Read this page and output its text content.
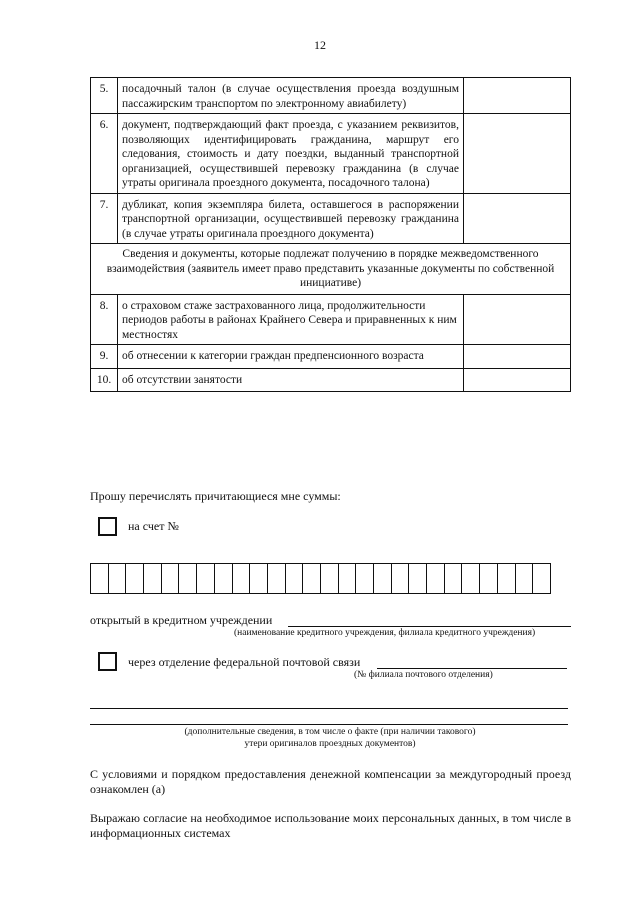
12
5.	посадочный талон (в случае осуществления проезда воздушным пассажирским транспортом по электронному авиабилету)	
6.	документ, подтверждающий факт проезда, с указанием реквизитов, позволяющих идентифицировать гражданина, маршрут его следования, стоимость и дату поездки, выданный транспортной организацией, осуществившей перевозку гражданина (в случае утраты оригинала проездного документа, посадочного талона)	
7.	дубликат, копия экземпляра билета, оставшегося в распоряжении транспортной организации, осуществившей перевозку гражданина (в случае утраты оригинала проездного документа)	
Сведения и документы, которые подлежат получению в порядке межведомственного взаимодействия (заявитель имеет право представить указанные документы по собственной инициативе)		
8.	о страховом стаже застрахованного лица, продолжительности периодов работы в районах Крайнего Севера и приравненных к ним местностях	
9.	об отнесении к категории граждан предпенсионного возраста	
10.	об отсутствии занятости	
Прошу перечислять причитающиеся мне суммы:
на счет №
открытый в кредитном учреждении
(наименование кредитного учреждения, филиала кредитного учреждения)
через отделение федеральной почтовой связи
(№ филиала почтового отделения)
(дополнительные сведения, в том числе о факте (при наличии такового)
утери оригиналов проездных документов)
С условиями и порядком предоставления денежной компенсации за междугородный проезд ознакомлен (а)
Выражаю согласие на необходимое использование моих персональных данных, в том числе в информационных системах
